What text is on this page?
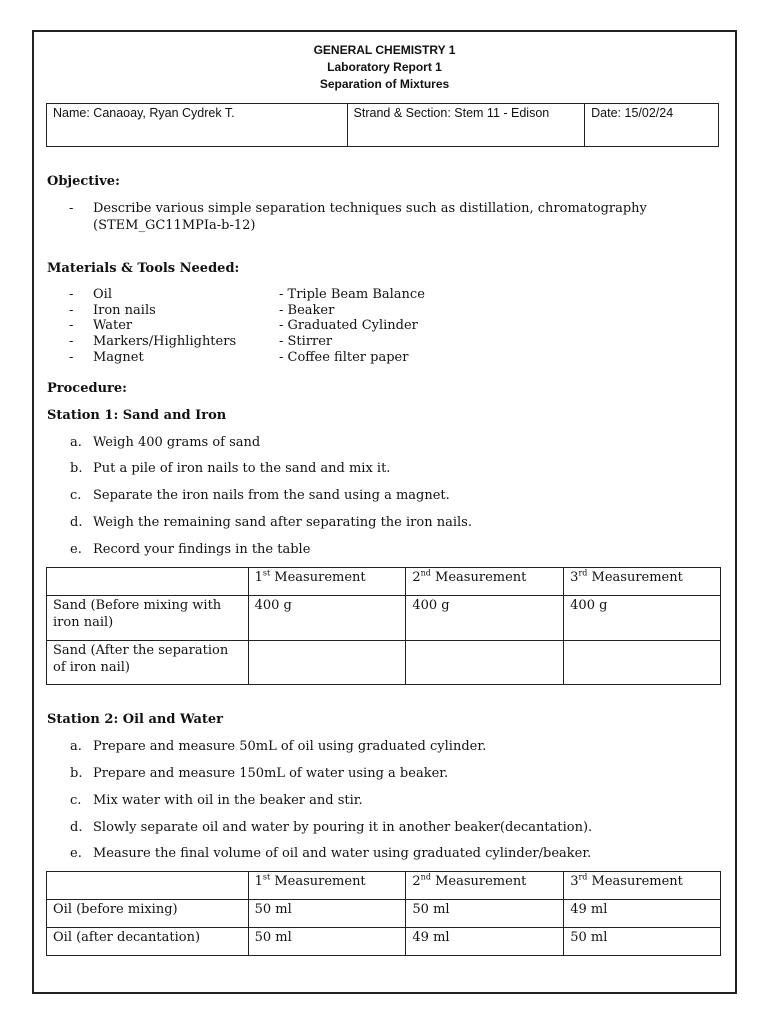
GENERAL CHEMISTRY 1
Laboratory Report 1
Separation of Mixtures
Name: Canaoay, Ryan Cydrek T.	Strand & Section: Stem 11 - Edison	Date: 15/02/24
Objective:
- Describe various simple separation techniques such as distillation, chromatography
(STEM_GC11MPIa-b-12)
Materials & Tools Needed:
- Oil	- Triple Beam Balance
- Iron nails	- Beaker
- Water	- Graduated Cylinder
- Markers/Highlighters	- Stirrer
- Magnet	- Coffee filter paper
Procedure:
Station 1: Sand and Iron
a. Weigh 400 grams of sand
b. Put a pile of iron nails to the sand and mix it.
c. Separate the iron nails from the sand using a magnet.
d. Weigh the remaining sand after separating the iron nails.
e. Record your findings in the table
	1st Measurement	2nd Measurement	3rd Measurement

Sand (Before mixing with
iron nail)	400 g	400 g	400 g

Sand (After the separation
of iron nail)			

Station 2: Oil and Water
a. Prepare and measure 50mL of oil using graduated cylinder.
b. Prepare and measure 150mL of water using a beaker.
c. Mix water with oil in the beaker and stir.
d. Slowly separate oil and water by pouring it in another beaker(decantation).
e. Measure the final volume of oil and water using graduated cylinder/beaker.
	1st Measurement	2nd Measurement	3rd Measurement
Oil (before mixing)	50 ml	50 ml	49 ml
Oil (after decantation)	50 ml	49 ml	50 ml
